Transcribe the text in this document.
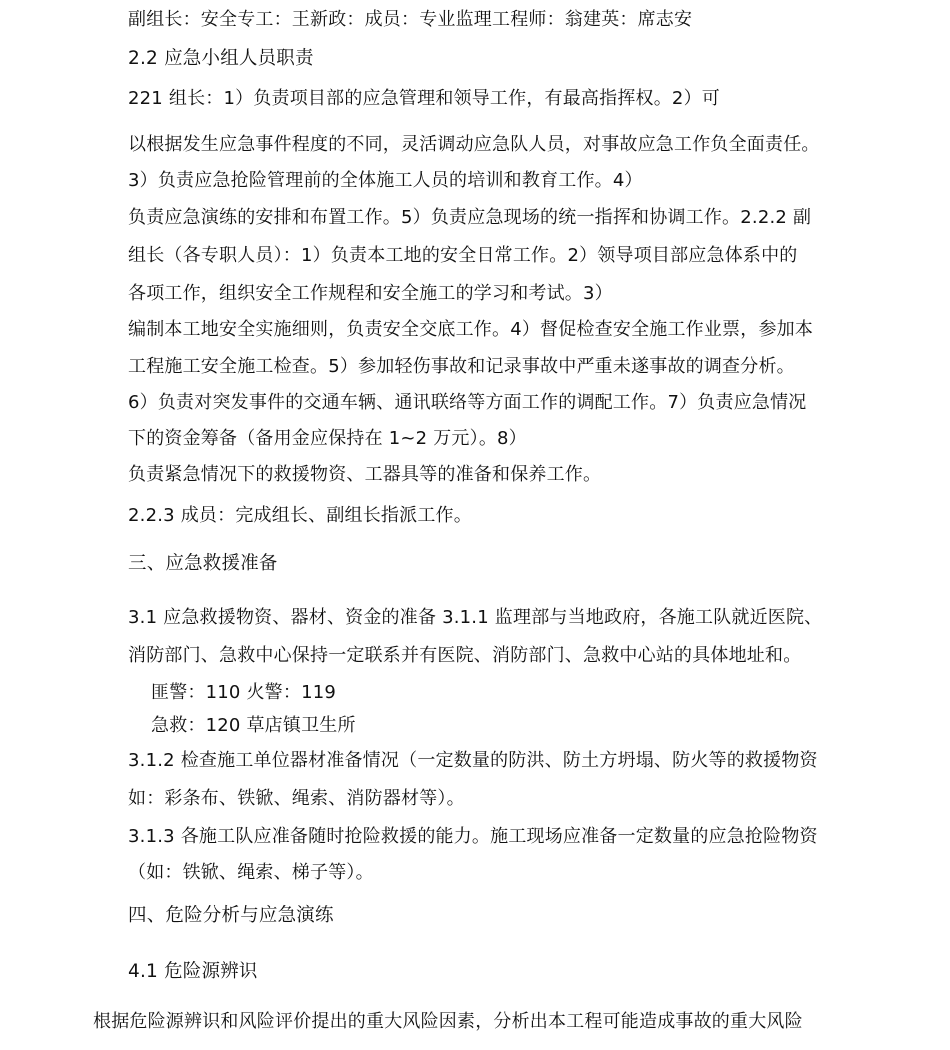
副组长：安全专工：王新政：成员：专业监理工程师：翁建英：席志安
2.2 应急小组人员职责
221 组长：1）负责项目部的应急管理和领导工作，有最高指挥权。2）可
以根据发生应急事件程度的不同，灵活调动应急队人员，对事故应急工作负全面责任。
3）负责应急抢险管理前的全体施工人员的培训和教育工作。4）
负责应急演练的安排和布置工作。5）负责应急现场的统一指挥和协调工作。2.2.2 副
组长（各专职人员）：1）负责本工地的安全日常工作。2）领导项目部应急体系中的
各项工作，组织安全工作规程和安全施工的学习和考试。3）
编制本工地安全实施细则，负责安全交底工作。4）督促检查安全施工作业票，参加本
工程施工安全施工检查。5）参加轻伤事故和记录事故中严重未遂事故的调查分析。
6）负责对突发事件的交通车辆、通讯联络等方面工作的调配工作。7）负责应急情况
下的资金筹备（备用金应保持在 1~2 万元）。8）
负责紧急情况下的救援物资、工器具等的准备和保养工作。
2.2.3 成员：完成组长、副组长指派工作。
三、应急救援准备
3.1 应急救援物资、器材、资金的准备 3.1.1 监理部与当地政府，各施工队就近医院、
消防部门、急救中心保持一定联系并有医院、消防部门、急救中心站的具体地址和。
匪警：110 火警：119
急救：120 草店镇卫生所
3.1.2 检查施工单位器材准备情况（一定数量的防洪、防土方坍塌、防火等的救援物资
如：彩条布、铁锨、绳索、消防器材等）。
3.1.3 各施工队应准备随时抢险救援的能力。施工现场应准备一定数量的应急抢险物资
（如：铁锨、绳索、梯子等）。
四、危险分析与应急演练
4.1 危险源辨识
根据危险源辨识和风险评价提出的重大风险因素，分析出本工程可能造成事故的重大风险
